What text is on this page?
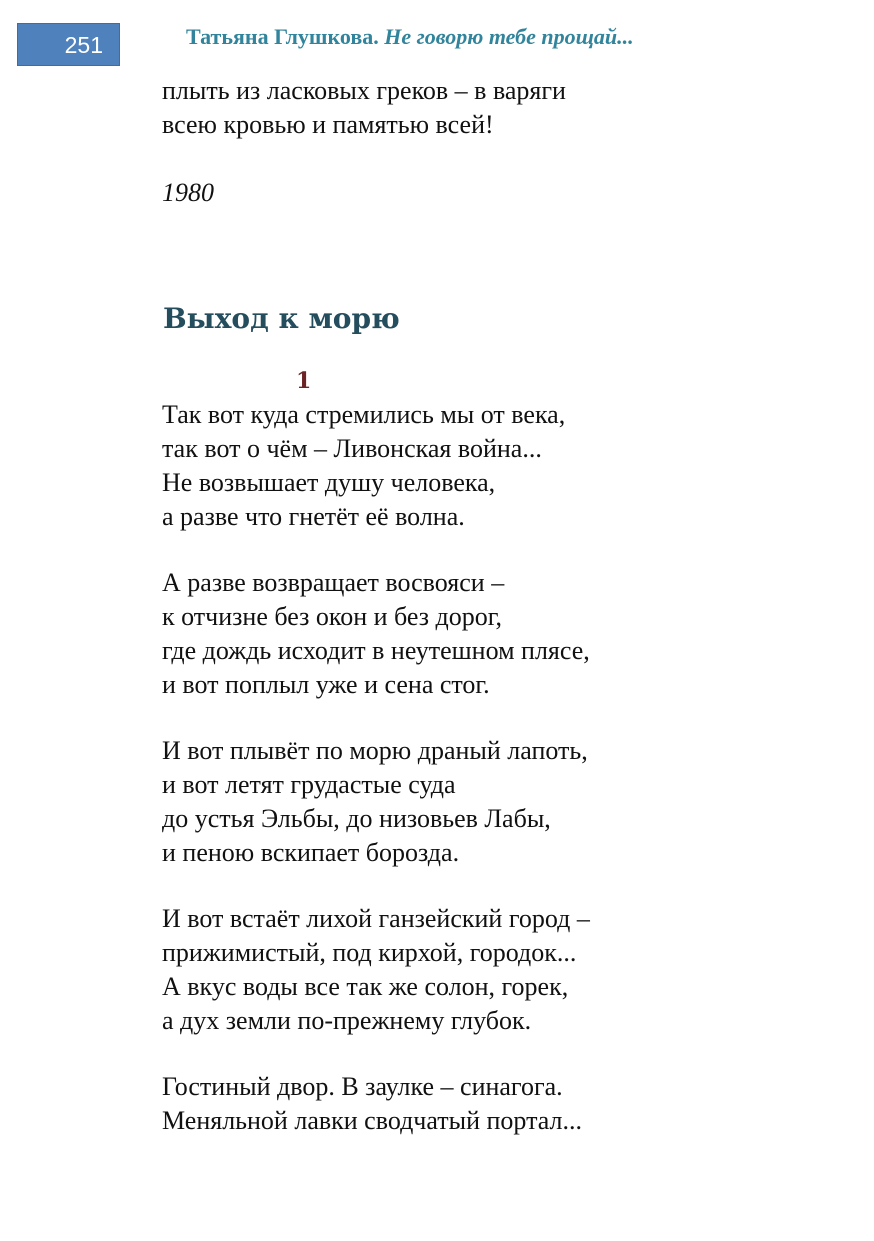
251	Татьяна Глушкова. Не говорю тебе прощай...
плыть из ласковых греков – в варяги
всею кровью и памятью всей!
1980
Выход к морю
1
Так вот куда стремились мы от века,
так вот о чём – Ливонская война...
Не возвышает душу человека,
а разве что гнетёт её волна.
А разве возвращает восвояси –
к отчизне без окон и без дорог,
где дождь исходит в неутешном плясе,
и вот поплыл уже и сена стог.
И вот плывёт по морю драный лапоть,
и вот летят грудастые суда
до устья Эльбы, до низовьев Лабы,
и пеною вскипает борозда.
И вот встаёт лихой ганзейский город –
прижимистый, под кирхой, городок...
А вкус воды все так же солон, горек,
а дух земли по-прежнему глубок.
Гостиный двор. В заулке – синагога.
Меняльной лавки сводчатый портал...
